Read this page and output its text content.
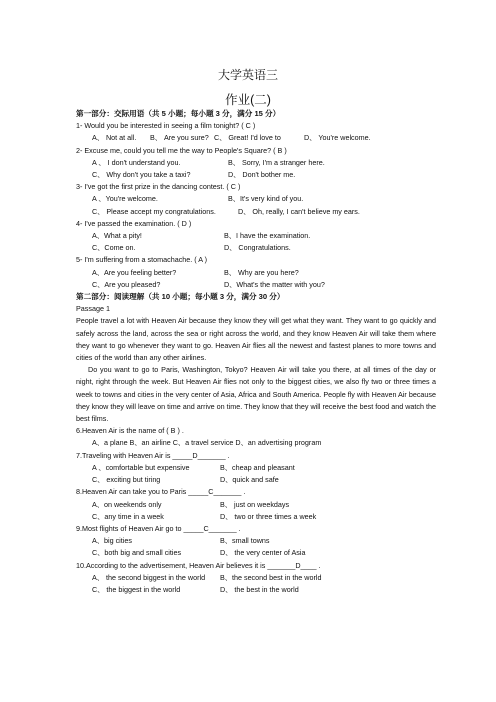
大学英语三
作业(二)
第一部分：交际用语（共 5 小题；每小题 3 分，满分 15 分）
1- Would you be interested in seeing a film tonight? ( C )
A、 Not at all. B、 Are you sure? C、 Great! I'd love to	D、 You're welcome.
2- Excuse me, could you tell me the way to People's Square? ( B )
A 、 I don't understand you.	B、 Sorry, I'm a stranger here.
C、 Why don't you take a taxi?	D、 Don't bother me.
3- I've got the first prize in the dancing contest. ( C )
A 、You're welcome.	B、It's very kind of you.
C、 Please accept my congratulations.	D、 Oh, really, I can't believe my ears.
4- I've passed the examination. ( D )
A、What a pity!	B、I have the examination.
C、Come on.	D、 Congratulations.
5- I'm suffering from a stomachache. ( A )
A、Are you feeling better?	B、 Why are you here?
C、Are you pleased?	D、What's the matter with you?
第二部分：阅读理解（共 10 小题；每小题 3 分，满分 30 分）
Passage 1
People travel a lot with Heaven Air because they know they will get what they want. They want to go quickly and safely across the land, across the sea or right across the world, and they know Heaven Air will take them where they want to go whenever they want to go. Heaven Air flies all the newest and fastest planes to more towns and cities of the world than any other airlines.
Do you want to go to Paris, Washington, Tokyo? Heaven Air will take you there, at all times of the day or night, right through the week. But Heaven Air flies not only to the biggest cities, we also fly two or three times a week to towns and cities in the very center of Asia, Africa and South America. People fly with Heaven Air because they know they will leave on time and arrive on time. They know that they will receive the best food and watch the best films.
6.Heaven Air is the name of ( B ) .
A、a plane B、an airline C、a travel service D、an advertising program
7.Traveling with Heaven Air is _____D_______ .
A 、comfortable but expensive	B、cheap and pleasant
C、 exciting but tiring	D、quick and safe
8.Heaven Air can take you to Paris _____C_______ .
A、on weekends only	B、 just on weekdays
C、any time in a week	D、 two or three times a week
9.Most flights of Heaven Air go to _____C_______ .
A、big cities	B、small towns
C、both big and small cities	D、 the very center of Asia
10.According to the advertisement, Heaven Air believes it is _______D____ .
A、 the second biggest in the world B、the second best in the world
C、 the biggest in the world	D、 the best in the world
